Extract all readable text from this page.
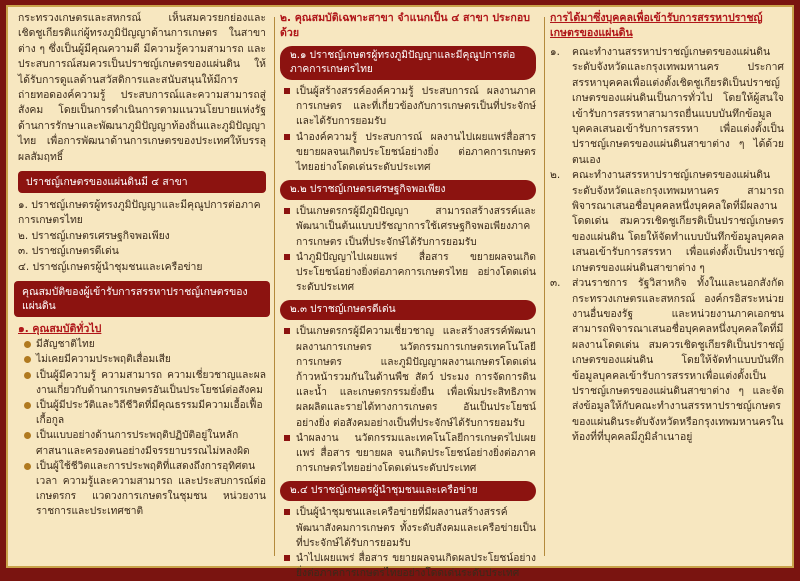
กระทรวงเกษตรและสหกรณ์ เห็นสมควรยกย่องและเชิดชูเกียรติแก่ผู้ทรงภูมิปัญญาด้านการเกษตร ในสาขาต่าง ๆ ซึ่งเป็นผู้มีคุณความดี มีความรู้ความสามารถ และประสบการณ์สมควรเป็นปราชญ์เกษตรของแผ่นดิน ให้ได้รับการดูแลด้านสวัสดิการและสนับสนุนให้มีการถ่ายทอดองค์ความรู้ ประสบการณ์และความสามารถสู่สังคม โดยเป็นการดำเนินการตามแนวนโยบายแห่งรัฐด้านการรักษาและพัฒนาภูมิปัญญาท้องถิ่นและภูมิปัญญาไทย เพื่อการพัฒนาด้านการเกษตรของประเทศให้บรรลุผลสัมฤทธิ์

ปราชญ์เกษตรของแผ่นดินมี ๔ สาขา
๑. ปราชญ์เกษตรผู้ทรงภูมิปัญญาและมีคุณูปการต่อภาคการเกษตรไทย
๒. ปราชญ์เกษตรเศรษฐกิจพอเพียง
๓. ปราชญ์เกษตรดีเด่น
๔. ปราชญ์เกษตรผู้นำชุมชนและเครือข่าย
คุณสมบัติของผู้เข้ารับการสรรหาปราชญ์เกษตรของแผ่นดิน
๑. คุณสมบัติทั่วไป
มีสัญชาติไทย
ไม่เคยมีความประพฤติเสื่อมเสีย
เป็นผู้มีความรู้ ความสามารถ ความเชี่ยวชาญและผลงานเกี่ยวกับด้านการเกษตรอันเป็นประโยชน์ต่อสังคม
เป็นผู้มีประวัติและวิถีชีวิตที่มีคุณธรรมมีความเอื้อเฟื้อเกื้อกูล
เป็นแบบอย่างด้านการประพฤติปฏิบัติอยู่ในหลักศาสนาและครองตนอย่างมีจรรยาบรรณไม่หลงผิด
เป็นผู้ใช้ชีวิตและการประพฤติที่แสดงถึงการอุทิศตนเวลา ความรู้และความสามารถ และประสบการณ์ต่อเกษตรกร แวดวงการเกษตรในชุมชน หน่วยงานราชการและประเทศชาติ
๒. คุณสมบัติเฉพาะสาขา จำแนกเป็น ๔ สาขา ประกอบด้วย
๒.๑ ปราชญ์เกษตรผู้ทรงภูมิปัญญาและมีคุณูปการต่อภาคการเกษตรไทย
เป็นผู้สร้างสรรค์องค์ความรู้ ประสบการณ์ ผลงานภาคการเกษตร และที่เกี่ยวข้องกับการเกษตรเป็นที่ประจักษ์และได้รับการยอมรับ
นำองค์ความรู้ ประสบการณ์ ผลงานไปเผยแพร่สื่อสาร ขยายผลจนเกิดประโยชน์อย่างยิ่ง ต่อภาคการเกษตรไทยอย่างโดดเด่นระดับประเทศ
๒.๒ ปราชญ์เกษตรเศรษฐกิจพอเพียง
เป็นเกษตรกรผู้มีภูมิปัญญา สามารถสร้างสรรค์และพัฒนาเป็นต้นแบบปรัชญาการใช้เศรษฐกิจพอเพียงภาคการเกษตร เป็นที่ประจักษ์ได้รับการยอมรับ
นำภูมิปัญญาไปเผยแพร่ สื่อสาร ขยายผลจนเกิดประโยชน์อย่างยิ่งต่อภาคการเกษตรไทย อย่างโดดเด่นระดับประเทศ
๒.๓ ปราชญ์เกษตรดีเด่น
เป็นเกษตรกรผู้มีความเชี่ยวชาญ และสร้างสรรค์พัฒนาผลงานการเกษตร นวัตกรรมการเกษตรเทคโนโลยีการเกษตร และภูมิปัญญาผลงานเกษตรโดดเด่นก้าวหน้ารวมกันในด้านพืช สัตว์ ประมง การจัดการดินและน้ำ และเกษตรกรรมยั่งยืน เพื่อเพิ่มประสิทธิภาพผลผลิตและรายได้ทางการเกษตร อันเป็นประโยชน์อย่างยิ่ง ต่อสังคมอย่างเป็นที่ประจักษ์ได้รับการยอมรับ
นำผลงาน นวัตกรรมและเทคโนโลยีการเกษตรไปเผยแพร่ สื่อสาร ขยายผล จนเกิดประโยชน์อย่างยิ่งต่อภาคการเกษตรไทยอย่างโดดเด่นระดับประเทศ
๒.๔ ปราชญ์เกษตรผู้นำชุมชนและเครือข่าย
เป็นผู้นำชุมชนและเครือข่ายที่มีผลงานสร้างสรรค์พัฒนาสังคมการเกษตร ทั้งระดับสังคมและเครือข่ายเป็นที่ประจักษ์ได้รับการยอมรับ
นำไปเผยแพร่ สื่อสาร ขยายผลจนเกิดผลประโยชน์อย่างยิ่งต่อภาคการเกษตรไทยอย่างโดดเด่นระดับประเทศ
การได้มาซึ่งบุคคลเพื่อเข้ารับการสรรหาปราชญ์เกษตรของแผ่นดิน
๑.	คณะทำงานสรรหาปราชญ์เกษตรของแผ่นดินระดับจังหวัดและกรุงเทพมหานคร ประกาศสรรหาบุคคลเพื่อแต่งตั้งเชิดชูเกียรติเป็นปราชญ์เกษตรของแผ่นดินเป็นการทั่วไป โดยให้ผู้สนใจเข้ารับการสรรหาสามารถยื่นแบบบันทึกข้อมูลบุคคลเสนอเข้ารับการสรรหา เพื่อแต่งตั้งเป็นปราชญ์เกษตรของแผ่นดินสาขาต่าง ๆ ได้ด้วยตนเอง
๒.	คณะทำงานสรรหาปราชญ์เกษตรของแผ่นดินระดับจังหวัดและกรุงเทพมหานคร สามารถพิจารณาเสนอชื่อบุคคลหนึ่งบุคคลใดที่มีผลงานโดดเด่น สมควรเชิดชูเกียรติเป็นปราชญ์เกษตรของแผ่นดิน โดยให้จัดทำแบบบันทึกข้อมูลบุคคลเสนอเข้ารับการสรรหา เพื่อแต่งตั้งเป็นปราชญ์เกษตรของแผ่นดินสาขาต่าง ๆ
๓.	ส่วนราชการ รัฐวิสาหกิจ ทั้งในและนอกสังกัดกระทรวงเกษตรและสหกรณ์ องค์กรอิสระหน่วยงานอื่นของรัฐ และหน่วยงานภาคเอกชนสามารถพิจารณาเสนอชื่อบุคคลหนึ่งบุคคลใดที่มีผลงานโดดเด่น สมควรเชิดชูเกียรติเป็นปราชญ์เกษตรของแผ่นดิน โดยให้จัดทำแบบบันทึกข้อมูลบุคคลเข้ารับการสรรหาเพื่อแต่งตั้งเป็นปราชญ์เกษตรของแผ่นดินสาขาต่าง ๆ และจัดส่งข้อมูลให้กับคณะทำงานสรรหาปราชญ์เกษตรของแผ่นดินระดับจังหวัดหรือกรุงเทพมหานครในท้องที่ที่บุคคลมีภูมิลำเนาอยู่
